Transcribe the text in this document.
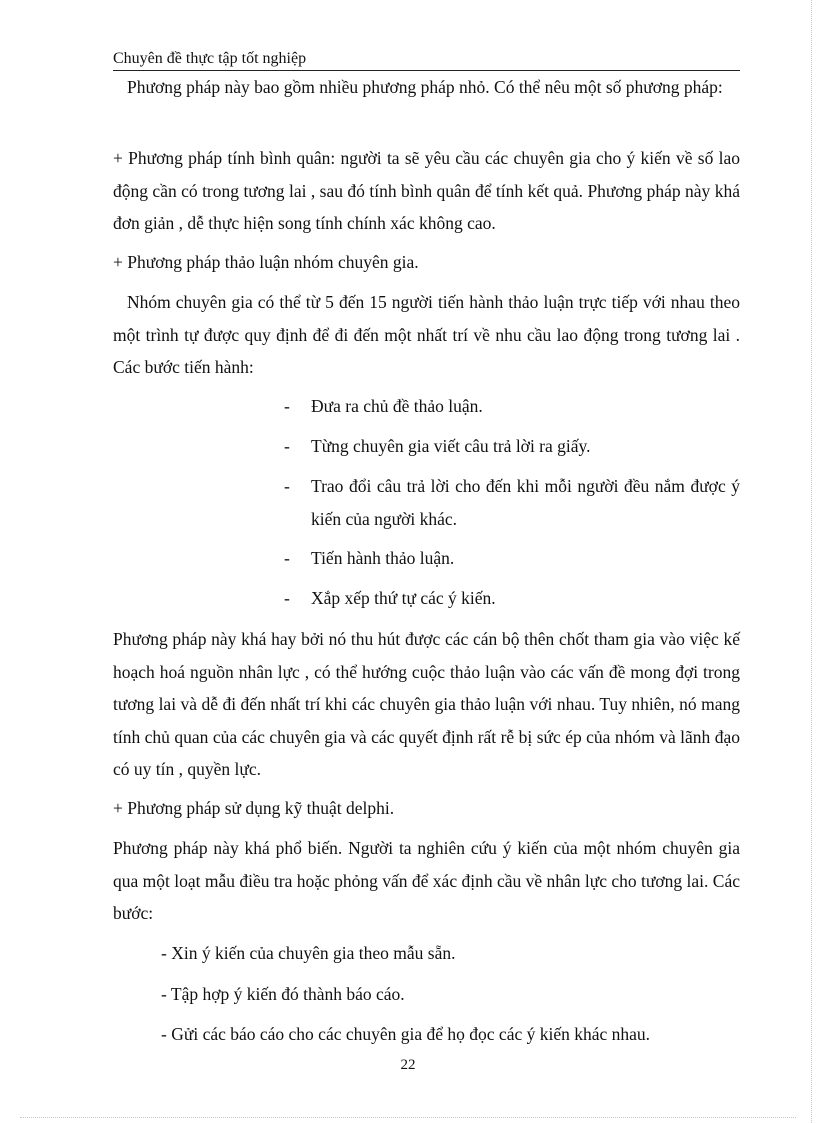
Chuyên đề thực tập tốt nghiệp

Phương pháp này bao gồm nhiều phương pháp nhỏ. Có thể nêu một số phương pháp:

+ Phương pháp tính bình quân: người ta sẽ yêu cầu các chuyên gia cho ý kiến về số lao động cần có trong tương lai , sau đó tính bình quân để tính kết quả. Phương pháp này khá đơn giản , dễ thực hiện song tính chính xác không cao.

+ Phương pháp thảo luận nhóm chuyên gia.

Nhóm chuyên gia có thể từ 5 đến 15 người tiến hành thảo luận trực tiếp với nhau theo một trình tự được quy định để đi đến một nhất trí về nhu cầu lao động trong tương lai . Các bước tiến hành:

-	Đưa ra chủ đề thảo luận.
-	Từng chuyên gia viết câu trả lời ra giấy.
-	Trao đổi câu trả lời cho đến khi mỗi người đều nắm được ý kiến của người khác.
-	Tiến hành thảo luận.
-	Xắp xếp thứ tự các ý kiến.

Phương pháp này khá hay bởi nó thu hút được các cán bộ thên chốt tham gia vào việc kế hoạch hoá nguồn nhân lực , có thể hướng cuộc thảo luận vào các vấn đề mong đợi trong tương lai và dễ đi đến nhất trí khi các chuyên gia thảo luận với nhau. Tuy nhiên, nó mang tính chủ quan của các chuyên gia và các quyết định rất rễ bị sức ép của nhóm và lãnh đạo có uy tín , quyền lực.

+ Phương pháp sử dụng kỹ thuật delphi.

Phương pháp này khá phổ biến. Người ta nghiên cứu ý kiến của một nhóm chuyên gia qua một loạt mẫu điều tra hoặc phỏng vấn để xác định cầu về nhân lực cho tương lai. Các bước:

- Xin ý kiến của chuyên gia theo mẫu sẵn.

- Tập hợp ý kiến đó thành báo cáo.

- Gửi các báo cáo cho các chuyên gia để họ đọc các ý kiến khác nhau.

22
